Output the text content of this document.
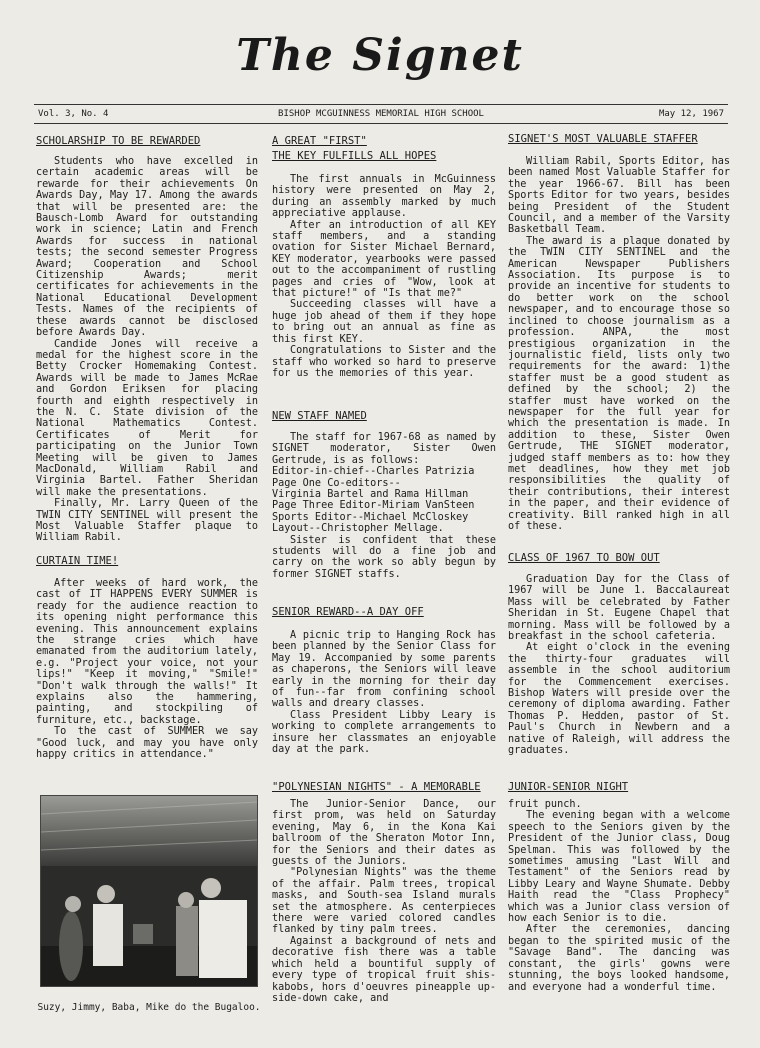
The Signet
Vol. 3, No. 4	BISHOP MCGUINNESS MEMORIAL HIGH SCHOOL	May 12, 1967
SCHOLARSHIP TO BE REWARDED

Students who have excelled in certain academic areas will be rewarde for their achievements On Awards Day, May 17. Among the awards that will be presented are: the Bausch-Lomb Award for outstanding work in science; Latin and French Awards for success in national tests; the second semester Progress Award; Cooperation and School Citizenship Awards; merit certificates for achievements in the National Educational Development Tests. Names of the recipients of these awards cannot be disclosed before Awards Day.

Candide Jones will receive a medal for the highest score in the Betty Crocker Homemaking Contest. Awards will be made to James McRae and Gordon Eriksen for placing fourth and eighth respectively in the N. C. State division of the National Mathematics Contest. Certificates of Merit for participating on the Junior Town Meeting will be given to James MacDonald, William Rabil and Virginia Bartel. Father Sheridan will make the presentations.

Finally, Mr. Larry Queen of the TWIN CITY SENTINEL will present the Most Valuable Staffer plaque to William Rabil.

CURTAIN TIME!

After weeks of hard work, the cast of IT HAPPENS EVERY SUMMER is ready for the audience reaction to its opening night performance this evening. This announcement explains the strange cries which have emanated from the auditorium lately, e.g. "Project your voice, not your lips!" "Keep it moving," "Smile!" "Don't walk through the walls!" It explains also the hammering, painting, and stockpiling of furniture, etc., backstage.

To the cast of SUMMER we say "Good luck, and may you have only happy critics in attendance."

Suzy, Jimmy, Baba, Mike do the Bugaloo.
A GREAT "FIRST"
THE KEY FULFILLS ALL HOPES

The first annuals in McGuinness history were presented on May 2, during an assembly marked by much appreciative applause.

After an introduction of all KEY staff members, and a standing ovation for Sister Michael Bernard, KEY moderator, yearbooks were passed out to the accompaniment of rustling pages and cries of "Wow, look at that picture!" of "Is that me?"

Succeeding classes will have a huge job ahead of them if they hope to bring out an annual as fine as this first KEY.

Congratulations to Sister and the staff who worked so hard to preserve for us the memories of this year.

NEW STAFF NAMED

The staff for 1967-68 as named by SIGNET moderator, Sister Owen Gertrude, is as follows:

Editor-in-chief--Charles Patrizia
Page One Co-editors--
Virginia Bartel and Rama Hillman
Page Three Editor-Miriam VanSteen
Sports Editor--Michael McCloskey
Layout--Christopher Mellage.

Sister is confident that these students will do a fine job and carry on the work so ably begun by former SIGNET staffs.

SENIOR REWARD--A DAY OFF

A picnic trip to Hanging Rock has been planned by the Senior Class for May 19. Accompanied by some parents as chaperons, the Seniors will leave early in the morning for their day of fun--far from confining school walls and dreary classes.

Class President Libby Leary is working to complete arrangements to insure her classmates an enjoyable day at the park.

"POLYNESIAN NIGHTS" - A MEMORABLE	JUNIOR-SENIOR NIGHT

The Junior-Senior Dance, our first prom, was held on Saturday evening, May 6, in the Kona Kai ballroom of the Sheraton Motor Inn, for the Seniors and their dates as guests of the Juniors.

"Polynesian Nights" was the theme of the affair. Palm trees, tropical masks, and South-sea Island murals set the atmosphere. As centerpieces there were varied colored candles flanked by tiny palm trees.

Against a background of nets and decorative fish there was a table which held a bountiful supply of every type of tropical fruit shis-kabobs, hors d'oeuvres pineapple up-side-down cake, and

SIGNET'S MOST VALUABLE STAFFER

William Rabil, Sports Editor, has been named Most Valuable Staffer for the year 1966-67. Bill has been Sports Editor for two years, besides being President of the Student Council, and a member of the Varsity Basketball Team.

The award is a plaque donated by the TWIN CITY SENTINEL and the American Newspaper Publishers Association. Its purpose is to provide an incentive for students to do better work on the school newspaper, and to encourage those so inclined to choose journalism as a profession. ANPA, the most prestigious organization in the journalistic field, lists only two requirements for the award: 1)the staffer must be a good student as defined by the school; 2) the staffer must have worked on the newspaper for the full year for which the presentation is made. In addition to these, Sister Owen Gertrude, THE SIGNET moderator, judged staff members as to: how they met deadlines, how they met job responsibilities the quality of their contributions, their interest in the paper, and their evidence of creativity. Bill ranked high in all of these.

CLASS OF 1967 TO BOW OUT

Graduation Day for the Class of 1967 will be June 1. Baccalaureat Mass will be celebrated by Father Sheridan in St. Eugene Chapel that morning. Mass will be followed by a breakfast in the school cafeteria.

At eight o'clock in the evening the thirty-four graduates will assemble in the school auditorium for the Commencement exercises. Bishop Waters will preside over the ceremony of diploma awarding. Father Thomas P. Hedden, pastor of St. Paul's Church in Newbern and a native of Raleigh, will address the graduates.

fruit punch.

The evening began with a welcome speech to the Seniors given by the President of the Junior class, Doug Spelman. This was followed by the sometimes amusing "Last Will and Testament" of the Seniors read by Libby Leary and Wayne Shumate. Debby Haith read the "Class Prophecy" which was a Junior class version of how each Senior is to die.

After the ceremonies, dancing began to the spirited music of the "Savage Band". The dancing was constant, the girls' gowns were stunning, the boys looked handsome, and everyone had a wonderful time.
